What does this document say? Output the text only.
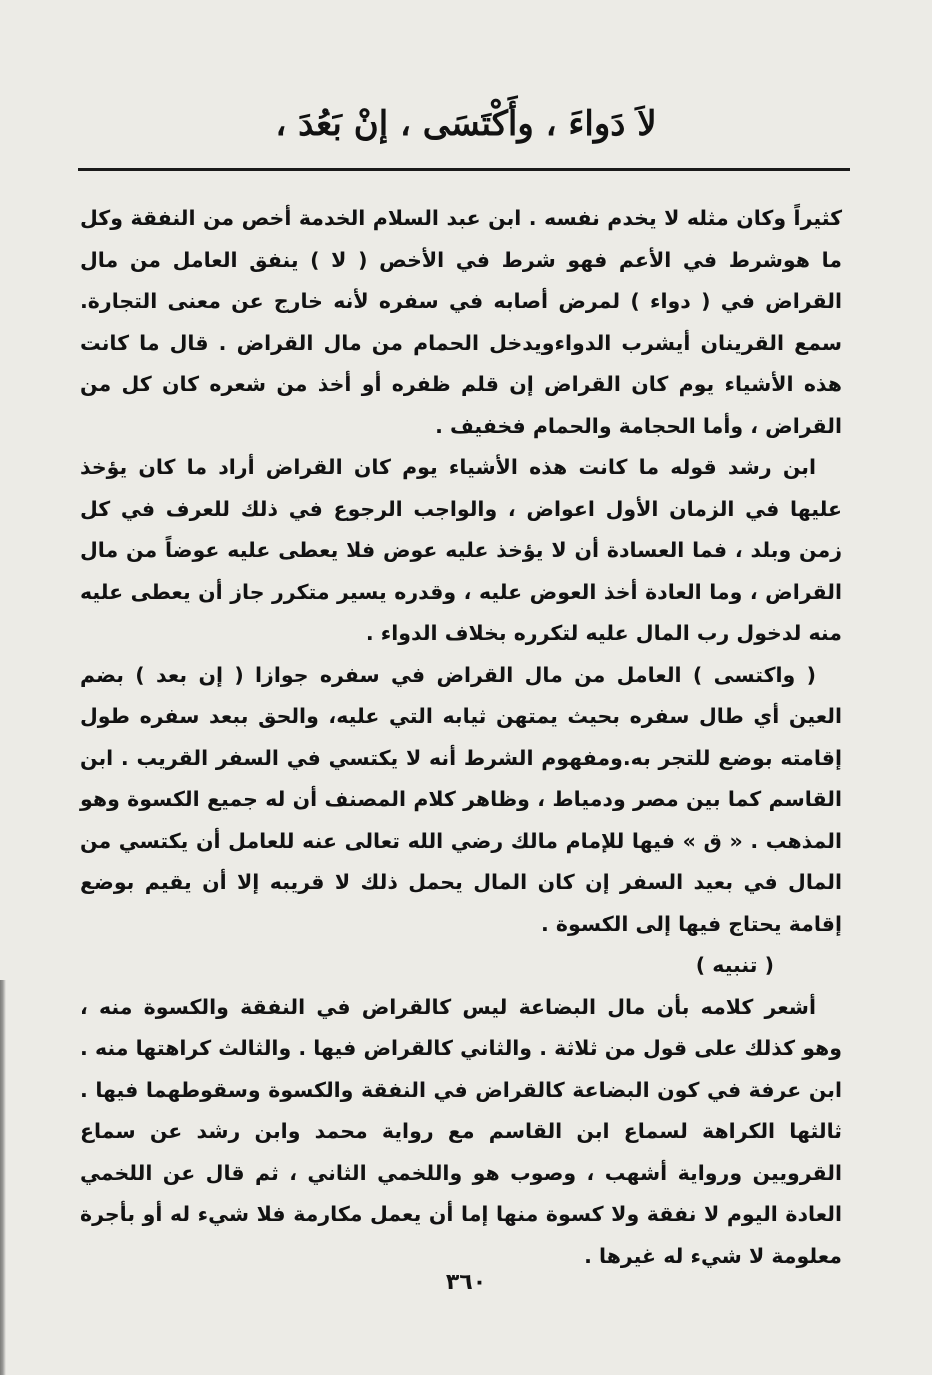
لاَ دَواءَ ، وأَكْتَسَى ، إنْ بَعُدَ ،

كثيراً وكان مثله لا يخدم نفسه . ابن عبد السلام الخدمة أخص من النفقة وكل ما هوشرط في الأعم فهو شرط في الأخص ( لا ) ينفق العامل من مال القراض في ( دواء ) لمرض أصابه في سفره لأنه خارج عن معنى التجارة. سمع القرينان أيشرب الدواءويدخل الحمام من مال القراض . قال ما كانت هذه الأشياء يوم كان القراض إن قلم ظفره أو أخذ من شعره كان كل من القراض ، وأما الحجامة والحمام فخفيف .

ابن رشد قوله ما كانت هذه الأشياء يوم كان القراض أراد ما كان يؤخذ عليها في الزمان الأول اعواض ، والواجب الرجوع في ذلك للعرف في كل زمن وبلد ، فما العسادة أن لا يؤخذ عليه عوض فلا يعطى عليه عوضاً من مال القراض ، وما العادة أخذ العوض عليه ، وقدره يسير متكرر جاز أن يعطى عليه منه لدخول رب المال عليه لتكرره بخلاف الدواء .

( واكتسى ) العامل من مال القراض في سفره جوازا ( إن بعد ) بضم العين أي طال سفره بحيث يمتهن ثيابه التي عليه، والحق ببعد سفره طول إقامته بوضع للتجر به.ومفهوم الشرط أنه لا يكتسي في السفر القريب . ابن القاسم كما بين مصر ودمياط ، وظاهر كلام المصنف أن له جميع الكسوة وهو المذهب . « ق » فيها للإمام مالك رضي الله تعالى عنه للعامل أن يكتسي من المال في بعيد السفر إن كان المال يحمل ذلك لا قريبه إلا أن يقيم بوضع إقامة يحتاج فيها إلى الكسوة .

( تنبيه )

أشعر كلامه بأن مال البضاعة ليس كالقراض في النفقة والكسوة منه ، وهو كذلك على قول من ثلاثة . والثاني كالقراض فيها . والثالث كراهتها منه . ابن عرفة في كون البضاعة كالقراض في النفقة والكسوة وسقوطهما فيها . ثالثها الكراهة لسماع ابن القاسم مع رواية محمد وابن رشد عن سماع القرويين ورواية أشهب ، وصوب هو واللخمي الثاني ، ثم قال عن اللخمي العادة اليوم لا نفقة ولا كسوة منها إما أن يعمل مكارمة فلا شيء له أو بأجرة معلومة لا شيء له غيرها .

٣٦٠
